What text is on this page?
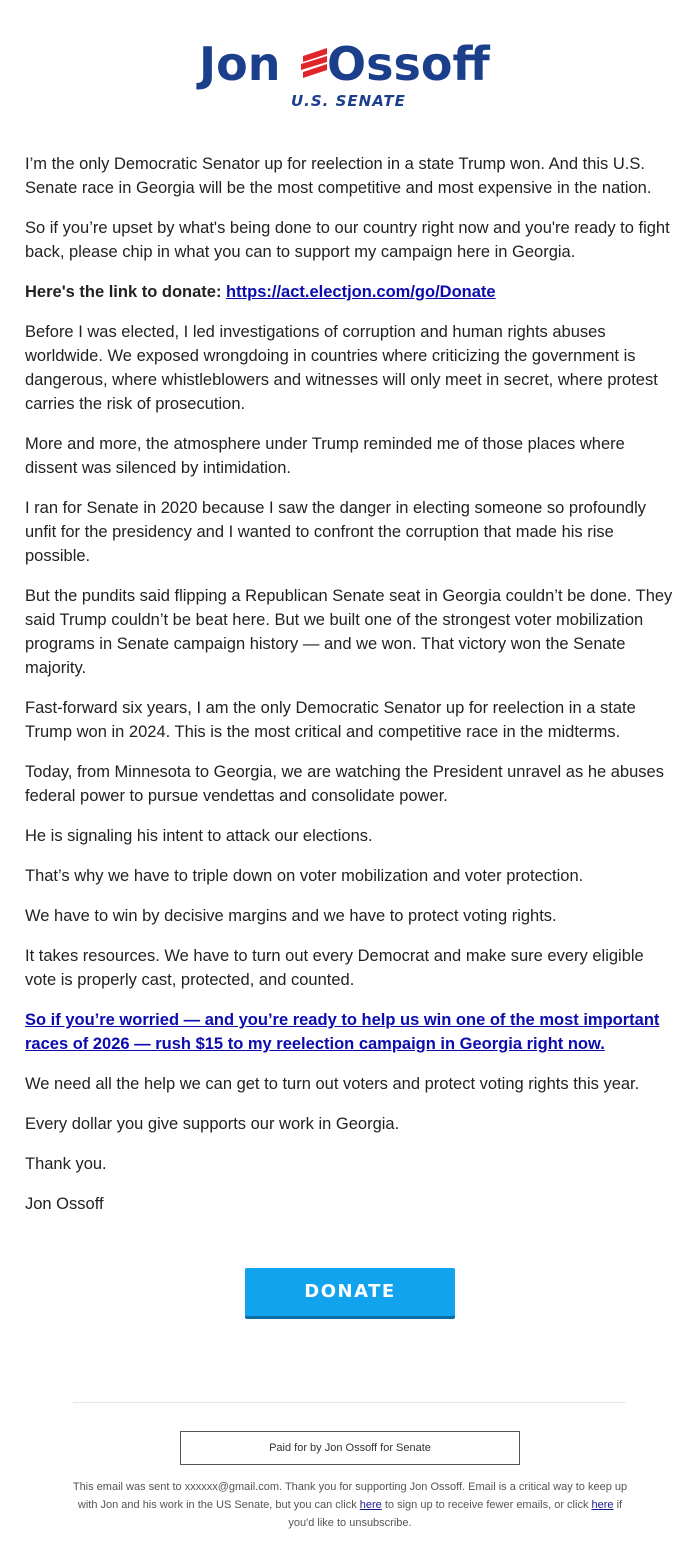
Jon Ossoff
U.S. SENATE

I’m the only Democratic Senator up for reelection in a state Trump won. And this U.S. Senate race in Georgia will be the most competitive and most expensive in the nation.

So if you’re upset by what's being done to our country right now and you're ready to fight back, please chip in what you can to support my campaign here in Georgia.

Here's the link to donate: https://act.electjon.com/go/Donate

Before I was elected, I led investigations of corruption and human rights abuses worldwide. We exposed wrongdoing in countries where criticizing the government is dangerous, where whistleblowers and witnesses will only meet in secret, where protest carries the risk of prosecution.

More and more, the atmosphere under Trump reminded me of those places where dissent was silenced by intimidation.

I ran for Senate in 2020 because I saw the danger in electing someone so profoundly unfit for the presidency and I wanted to confront the corruption that made his rise possible.

But the pundits said flipping a Republican Senate seat in Georgia couldn’t be done. They said Trump couldn’t be beat here. But we built one of the strongest voter mobilization programs in Senate campaign history — and we won. That victory won the Senate majority.

Fast-forward six years, I am the only Democratic Senator up for reelection in a state Trump won in 2024. This is the most critical and competitive race in the midterms.

Today, from Minnesota to Georgia, we are watching the President unravel as he abuses federal power to pursue vendettas and consolidate power.

He is signaling his intent to attack our elections.

That’s why we have to triple down on voter mobilization and voter protection.

We have to win by decisive margins and we have to protect voting rights.

It takes resources. We have to turn out every Democrat and make sure every eligible vote is properly cast, protected, and counted.

So if you’re worried — and you’re ready to help us win one of the most important races of 2026 — rush $15 to my reelection campaign in Georgia right now.

We need all the help we can get to turn out voters and protect voting rights this year.

Every dollar you give supports our work in Georgia.

Thank you.

Jon Ossoff

DONATE
Paid for by Jon Ossoff for Senate
This email was sent to xxxxxx@gmail.com. Thank you for supporting Jon Ossoff. Email is a critical way to keep up with Jon and his work in the US Senate, but you can click here to sign up to receive fewer emails, or click here if you'd like to unsubscribe.
